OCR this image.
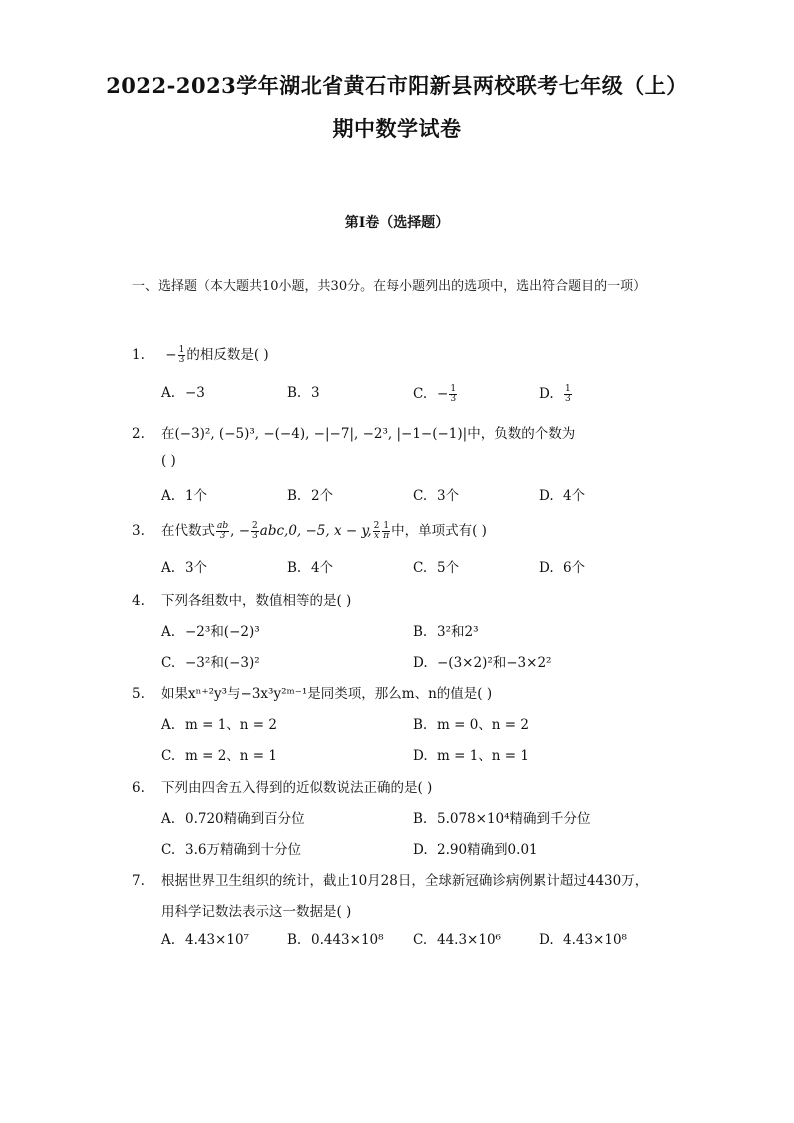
2022-2023学年湖北省黄石市阳新县两校联考七年级（上）
期中数学试卷
第I卷（选择题）
一、选择题（本大题共10小题，共30分。在每小题列出的选项中，选出符合题目的一项）
1. − $\frac{1}{3}$ 的相反数是( )
A. −3	B. 3	C. − $\frac{1}{3}$	D. $\frac{1}{3}$
2. 在(−3)², (−5)³, −(−4), −|−7|, −2³, |−1−(−1)|中，负数的个数为
( )
A. 1个	B. 2个	C. 3个	D. 4个
3. 在代数式 $\frac{ab}{3}$ , − $\frac{2}{3} abc,0$, −5, x − y, $\frac{2}{x} \frac{1}{\pi}$ 中，单项式有( )
A. 3个	B. 4个	C. 5个	D. 6个
4. 下列各组数中，数值相等的是( )
A. −2³和(−2)³	B. 3²和2³
C. −3²和(−3)²	D. −(3×2)²和−3×2²
5. 如果xⁿ⁺²y³与−3x³y²ᵐ⁻¹是同类项，那么m、n的值是( )
A. m = 1、n = 2	B. m = 0、n = 2
C. m = 2、n = 1	D. m = 1、n = 1
6. 下列由四舍五入得到的近似数说法正确的是( )
A. 0.720精确到百分位	B. 5.078×10⁴精确到千分位
C. 3.6万精确到十分位	D. 2.90精确到0.01
7. 根据世界卫生组织的统计，截止10月28日，全球新冠确诊病例累计超过4430万，
用科学记数法表示这一数据是( )
A. 4.43×10⁷	B. 0.443×10⁸ C. 44.3×10⁶	D. 4.43×10⁸
